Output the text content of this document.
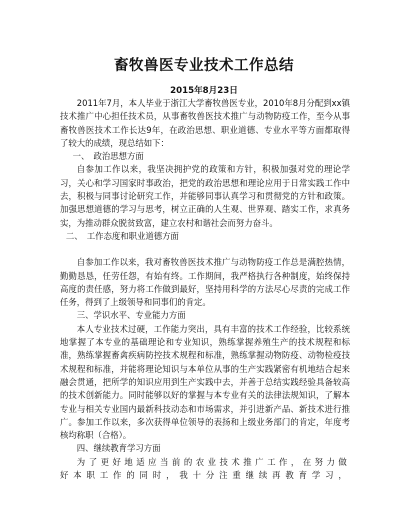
畜牧兽医专业技术工作总结
2015年8月23日

2011年7月，本人毕业于浙江大学畜牧兽医专业，2010年8月分配到xx镇技术推广中心担任技术员，从事畜牧兽医技术推广与动物防疫工作，至今从事畜牧兽医技术工作长达9年，在政治思想、职业道德、专业水平等方面都取得了较大的成绩，现总结如下：

一、　政治思想方面

自参加工作以来，我坚决拥护党的政策和方针，积极加强对党的理论学习，关心和学习国家时事政治，把党的政治思想和理论应用于日常实践工作中去，积极与同事讨论研究工作，并能够同事认真学习和贯彻党的方针和政策。加强思想道德的学习与思考，树立正确的人生观、世界观、踏实工作，求真务实，为推动群众脱贫致富，建立农村和谐社会而努力奋斗。

二、　工作态度和职业道德方面

自参加工作以来，我对畜牧兽医技术推广与动物防疫工作总是满腔热情，勤勤恳恳，任劳任怨，有始有终。工作期间，我严格执行各种制度，始终保持高度的责任感，努力将工作做到最好，坚持用科学的方法尽心尽责的完成工作任务，得到了上级领导和同事们的肯定。

三、学识水平、专业能力方面

本人专业技术过硬，工作能力突出，具有丰富的技术工作经验，比较系统地掌握了本专业的基础理论和专业知识，熟练掌握养殖生产的技术规程和标准，熟练掌握畜禽疾病防控技术规程和标准，熟练掌握动物防疫、动物检疫技术规程和标准，并能将理论知识与本单位从事的生产实践紧密有机地结合起来融会贯通，把所学的知识应用到生产实践中去，并善于总结实践经验具备较高的技术创新能力。同时能够以好的掌握与本专业有关的法律法规知识，了解本专业与相关专业国内最新科技动态和市场需求，并引进新产品、新技术进行推广。参加工作以来，多次获得单位领导的表扬和上级业务部门的肯定，年度考核均称职（合格）。

四、继续教育学习方面

为了更好地适应当前的农业技术推广工作，在努力做好本职工作的同时，我十分注重继续再教育学习，
